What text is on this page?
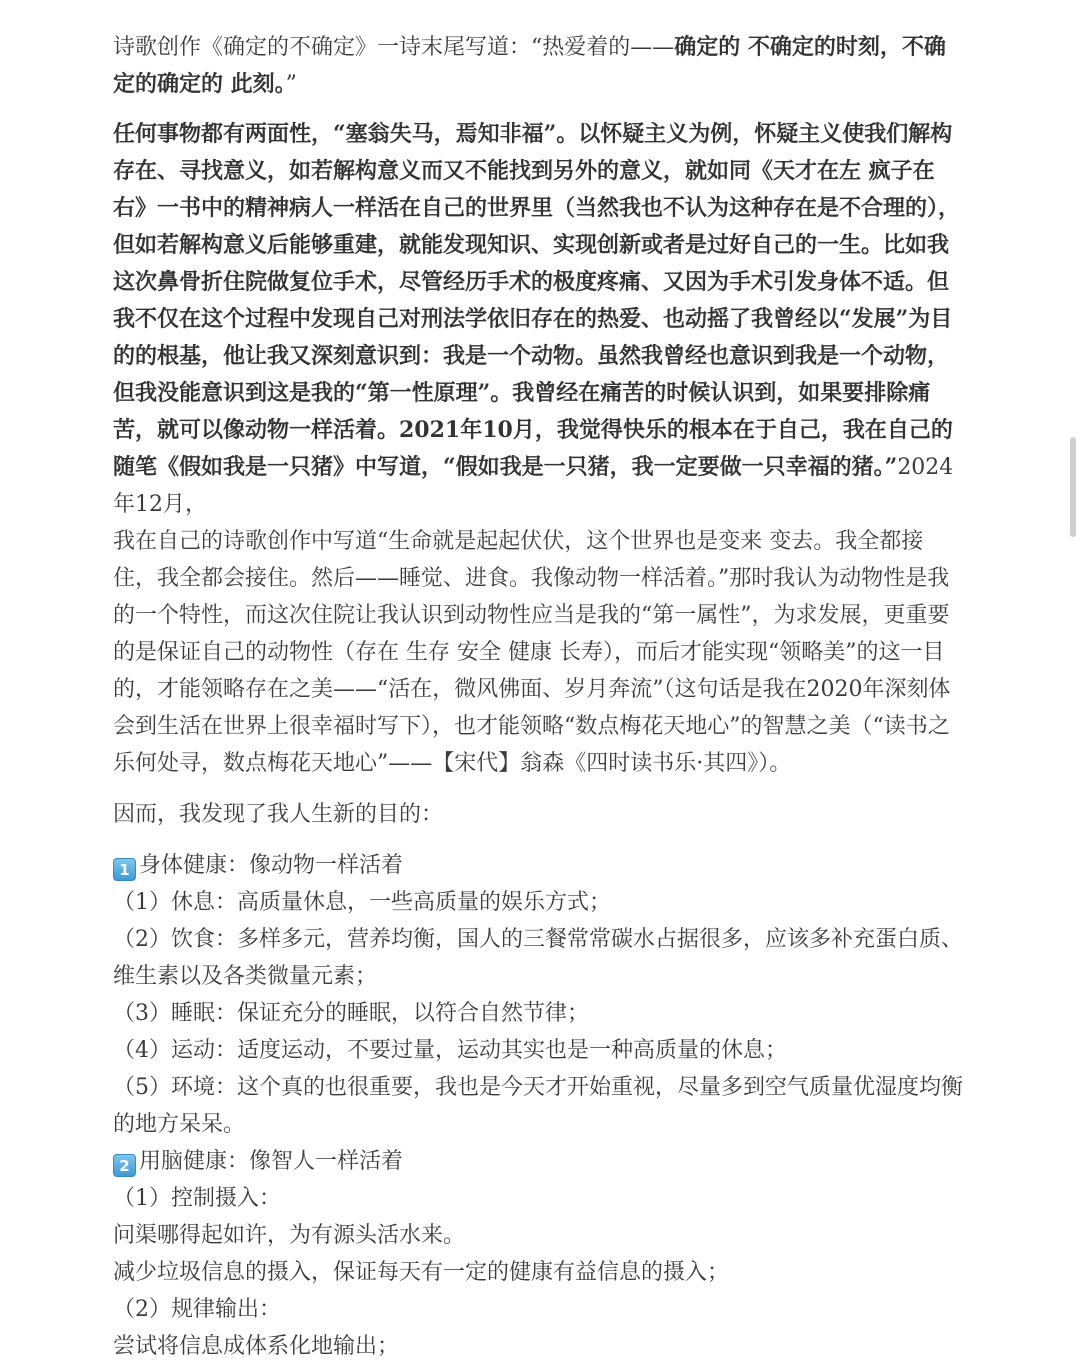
诗歌创作《确定的不确定》一诗末尾写道：“热爱着的——确定的 不确定的时刻，不确定的确定的 此刻。”

任何事物都有两面性，“塞翁失马，焉知非福”。以怀疑主义为例，怀疑主义使我们解构存在、寻找意义，如若解构意义而又不能找到另外的意义，就如同《天才在左 疯子在
右》一书中的精神病人一样活在自己的世界里（当然我也不认为这种存在是不合理的），但如若解构意义后能够重建，就能发现知识、实现创新或者是过好自己的一生。比如我这次鼻骨折住院做复位手术，尽管经历手术的极度疼痛、又因为手术引发身体不适。但我不仅在这个过程中发现自己对刑法学依旧存在的热爱、也动摇了我曾经以“发展”为目的的根基，他让我又深刻意识到：我是一个动物。虽然我曾经也意识到我是一个动物，但我没能意识到这是我的“第一性原理”。我曾经在痛苦的时候认识到，如果要排除痛苦，就可以像动物一样活着。2021年10月，我觉得快乐的根本在于自己，我在自己的随笔《假如我是一只猪》中写道，“假如我是一只猪，我一定要做一只幸福的猪。”2024年12月，
我在自己的诗歌创作中写道“生命就是起起伏伏，这个世界也是变来 变去。我全都接
住，我全都会接住。然后——睡觉、进食。我像动物一样活着。”那时我认为动物性是我的一个特性，而这次住院让我认识到动物性应当是我的“第一属性”，为求发展，更重要的是保证自己的动物性（存在 生存 安全 健康 长寿），而后才能实现“领略美”的这一目的，才能领略存在之美——“活在，微风佛面、岁月奔流”（这句话是我在2020年深刻体会到生活在世界上很幸福时写下），也才能领略“数点梅花天地心”的智慧之美（“读书之乐何处寻，数点梅花天地心”——【宋代】翁森《四时读书乐·其四》）。

因而，我发现了我人生新的目的：

1 身体健康：像动物一样活着

（1）休息：高质量休息，一些高质量的娱乐方式；

（2）饮食：多样多元，营养均衡，国人的三餐常常碳水占据很多，应该多补充蛋白质、维生素以及各类微量元素；

（3）睡眠：保证充分的睡眠，以符合自然节律；

（4）运动：适度运动，不要过量，运动其实也是一种高质量的休息；

（5）环境：这个真的也很重要，我也是今天才开始重视，尽量多到空气质量优湿度均衡的地方呆呆。

2 用脑健康：像智人一样活着

（1）控制摄入：

问渠哪得起如许，为有源头活水来。

减少垃圾信息的摄入，保证每天有一定的健康有益信息的摄入；

（2）规律输出：

尝试将信息成体系化地输出；
